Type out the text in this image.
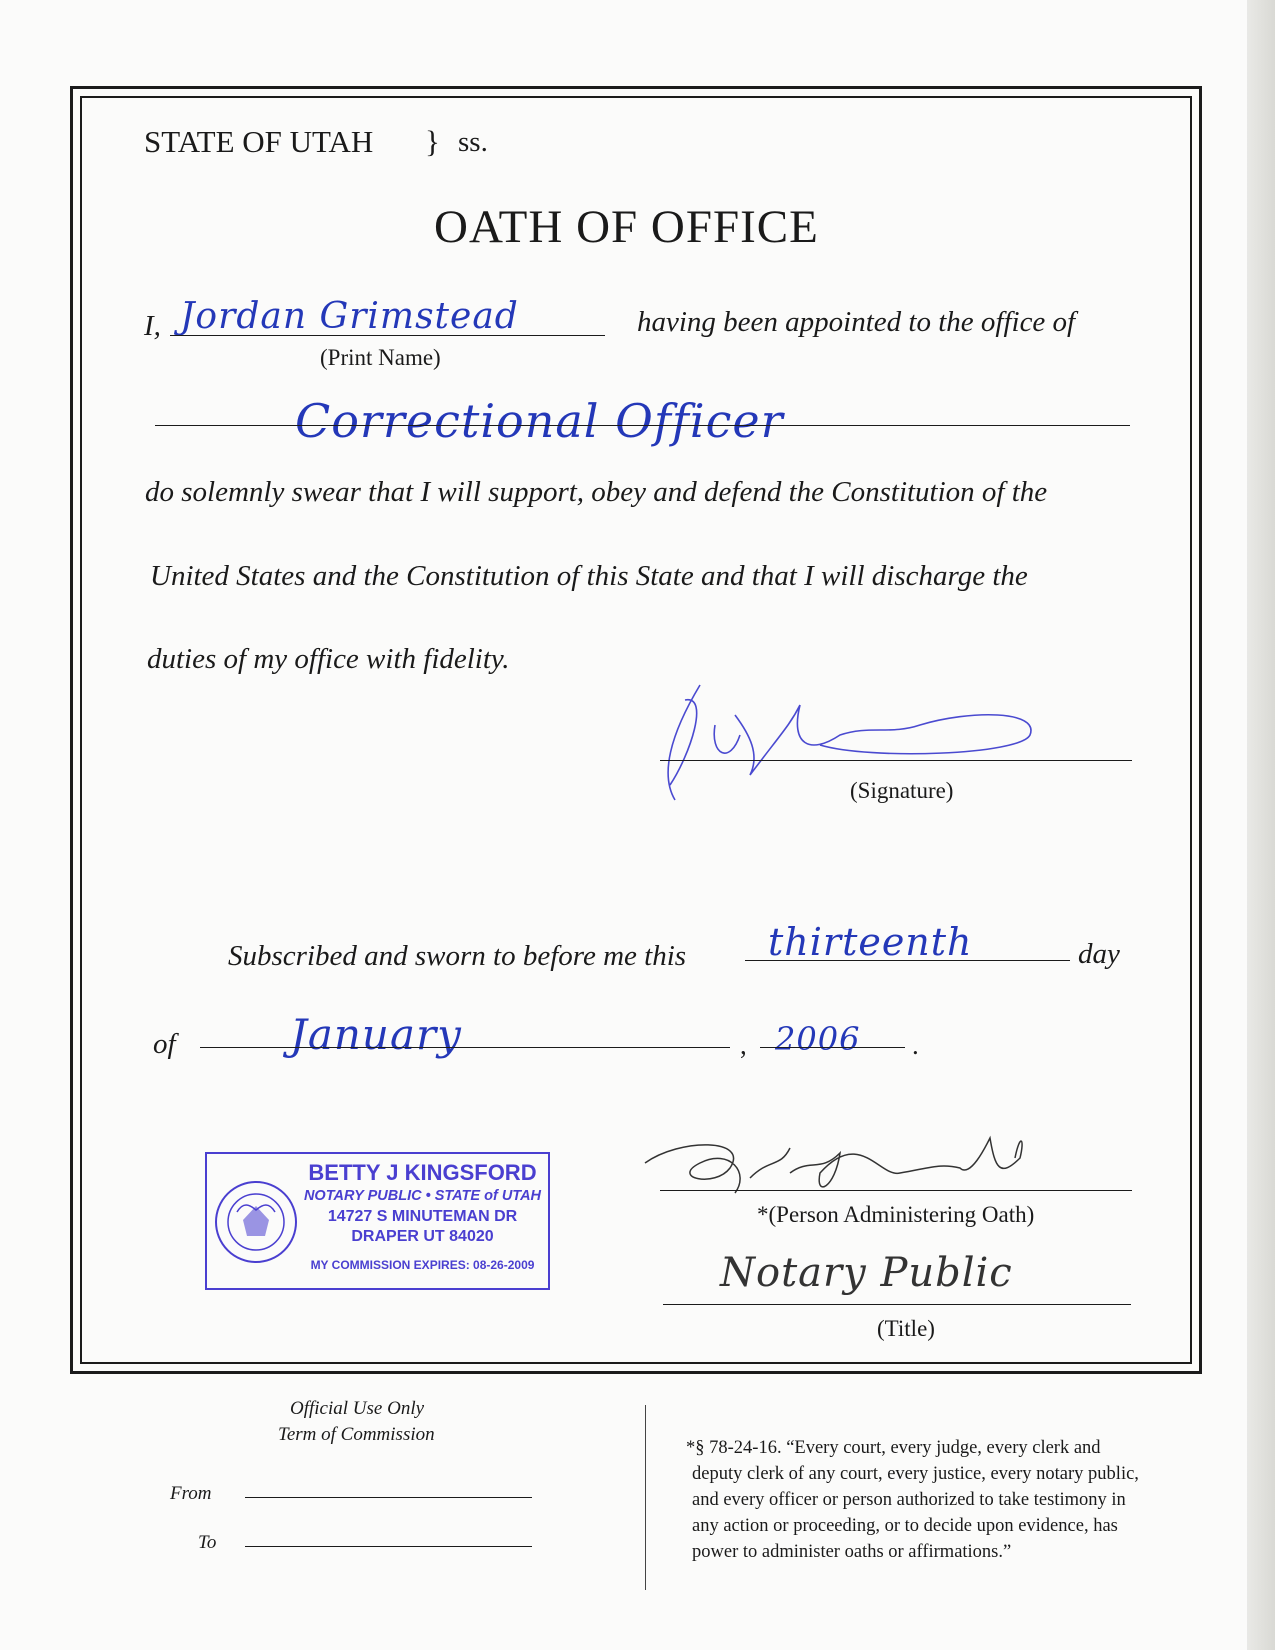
STATE OF UTAH } ss.
OATH OF OFFICE
I, Jordan Grimstead
(Print Name)
having been appointed to the office of
Correctional Officer
do solemnly swear that I will support, obey and defend the Constitution of the
United States and the Constitution of this State and that I will discharge the
duties of my office with fidelity.
(Signature)
Subscribed and sworn to before me this thirteenth	day
of	January	, 2006 .
BETTY J KINGSFORD
NOTARY PUBLIC • STATE of UTAH
14727 S MINUTEMAN DR
DRAPER UT 84020
MY COMMISSION EXPIRES: 08-26-2009
*(Person Administering Oath)
Notary Public
(Title)
Official Use Only
Term of Commission
From
To
*§ 78-24-16. “Every court, every judge, every clerk and
deputy clerk of any court, every justice, every notary public,
and every officer or person authorized to take testimony in
any action or proceeding, or to decide upon evidence, has
power to administer oaths or affirmations.”
